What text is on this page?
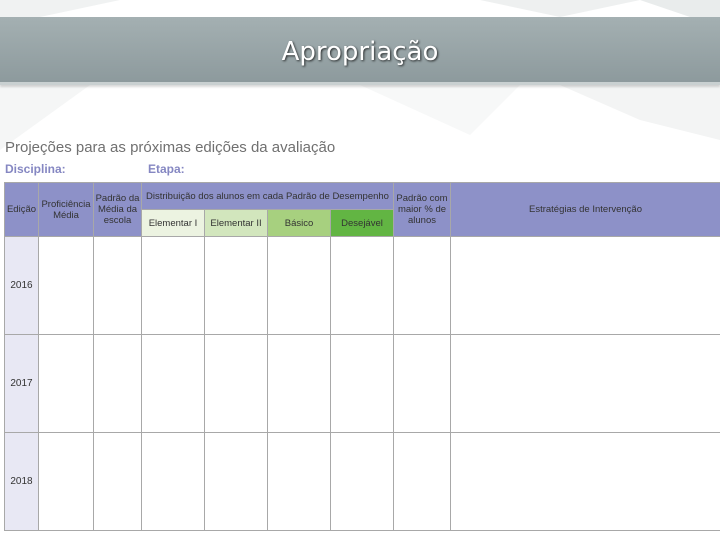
Apropriação
Projeções para as próximas edições da avaliação
Disciplina:	Etapa:
Edição	Proficiência Média	Padrão da Média da escola	Distribuição dos alunos em cada Padrão de Desempenho				Padrão com maior % de alunos	Estratégias de Intervenção
			Elementar I	Elementar II	Básico	Desejável		
2016								
2017								
2018								
